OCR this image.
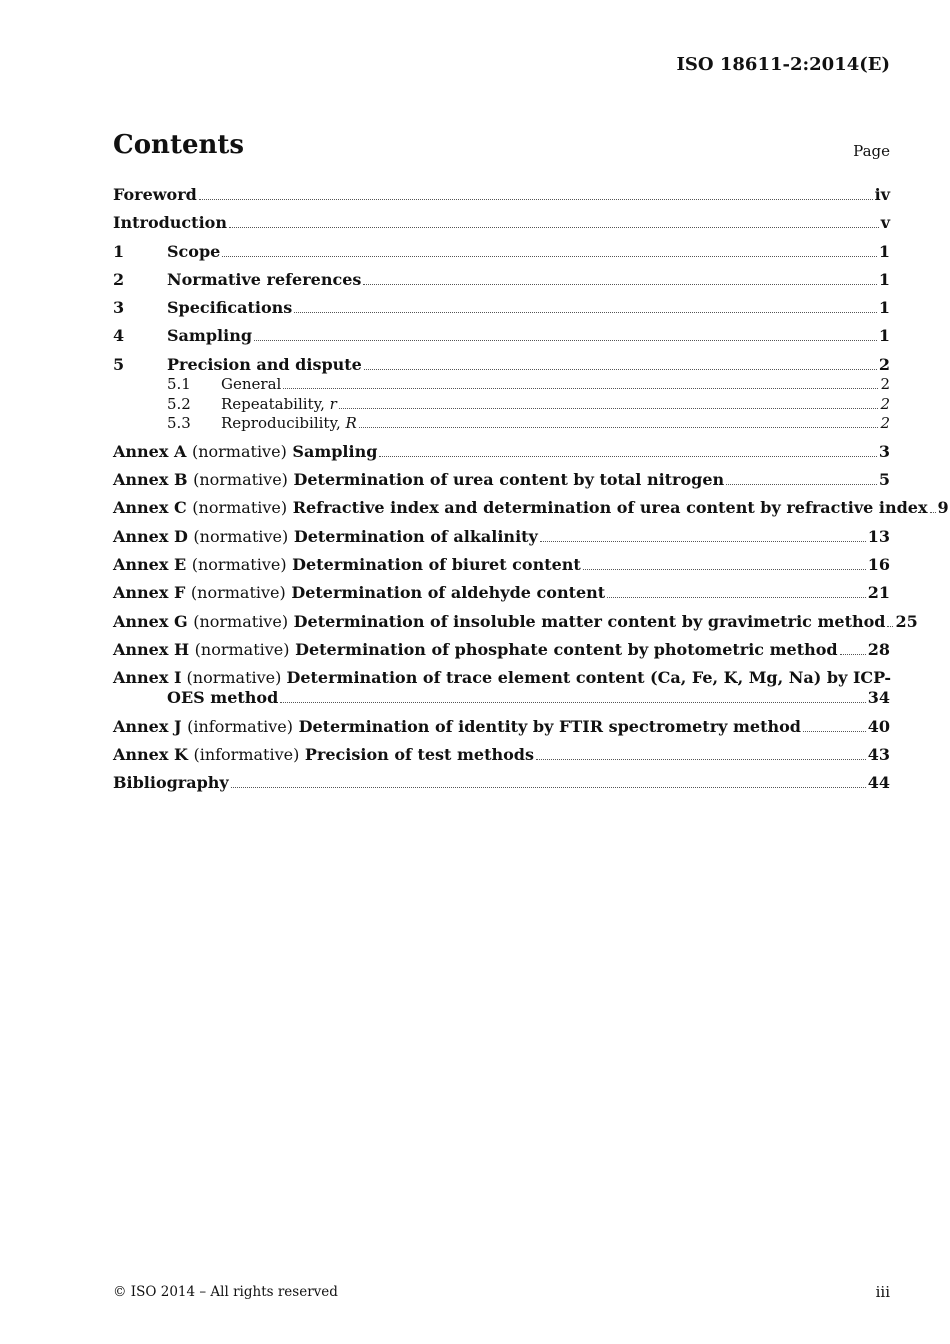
ISO 18611-2:2014(E)
Contents	Page
Foreword	iv
Introduction	v
1	Scope	1
2	Normative references	1
3	Specifications	1
4	Sampling	1
5	Precision and dispute	2
5.1	General	2
5.2	Repeatability, r	2
5.3	Reproducibility, R	2
Annex A (normative) Sampling	3
Annex B (normative) Determination of urea content by total nitrogen	5
Annex C (normative) Refractive index and determination of urea content by refractive index 9
Annex D (normative) Determination of alkalinity	13
Annex E (normative) Determination of biuret content	16
Annex F (normative) Determination of aldehyde content	21
Annex G (normative) Determination of insoluble matter content by gravimetric method 25
Annex H (normative) Determination of phosphate content by photometric method 28
Annex I (normative) Determination of trace element content (Ca, Fe, K, Mg, Na) by ICP-
OES method	34
Annex J (informative) Determination of identity by FTIR spectrometry method	40
Annex K (informative) Precision of test methods	43
Bibliography	44
© ISO 2014 – All rights reserved	iii
